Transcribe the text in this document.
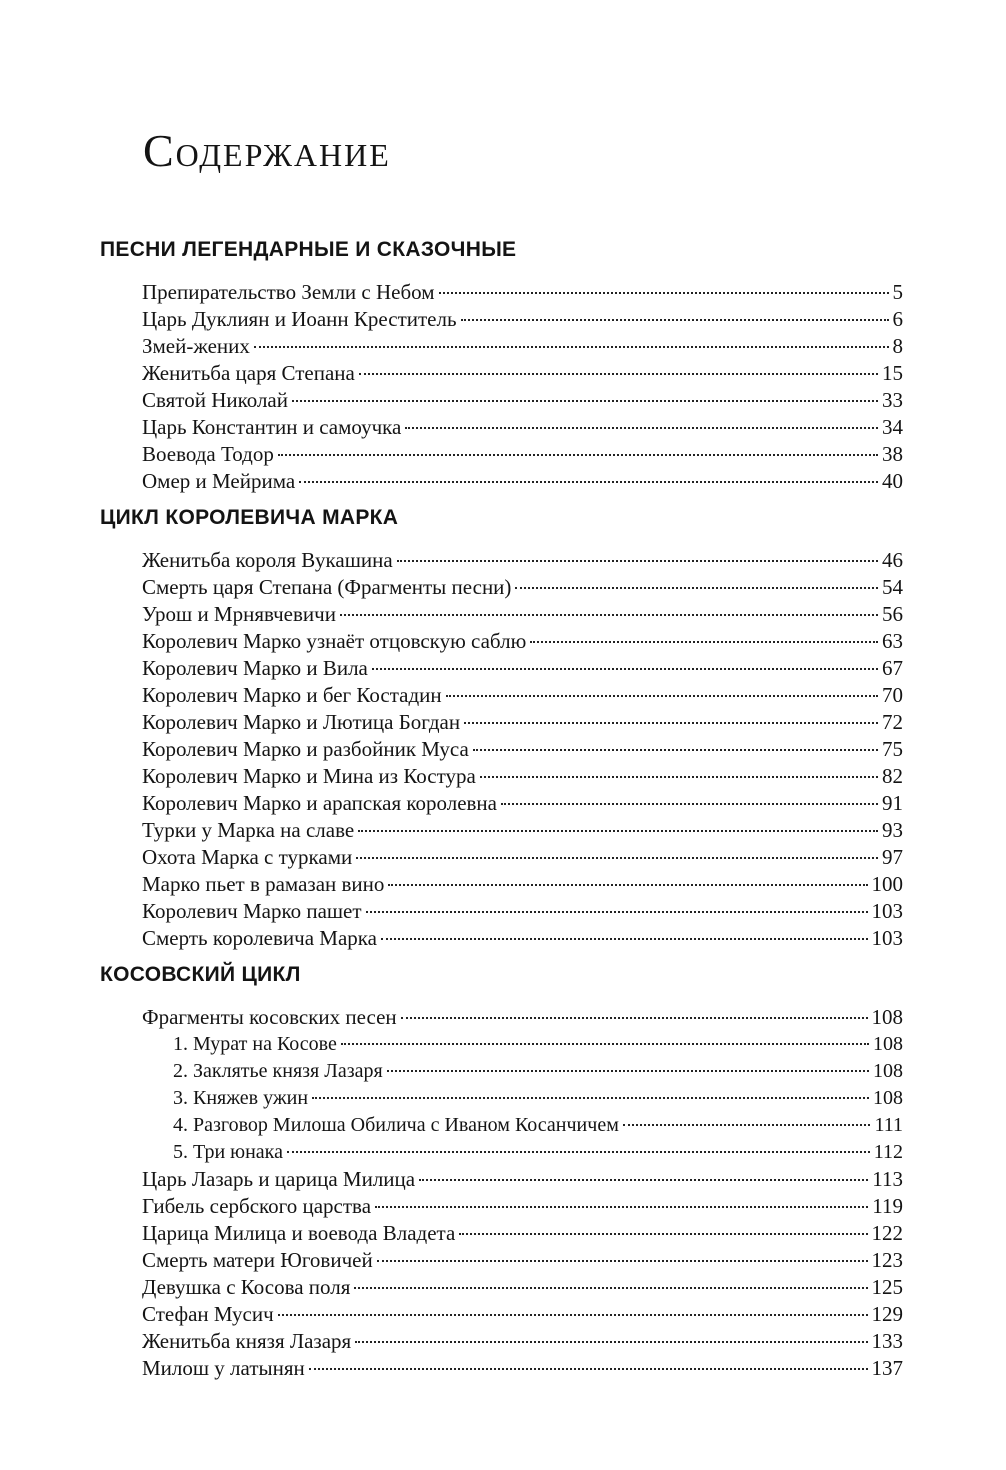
Содержание
ПЕСНИ ЛЕГЕНДАРНЫЕ И СКАЗОЧНЫЕ
Препирательство Земли с Небом	5
Царь Дуклиян и Иоанн Креститель	6
Змей-жених	8
Женитьба царя Степана	15
Святой Николай	33
Царь Константин и самоучка	34
Воевода Тодор	38
Омер и Мейрима	40
ЦИКЛ КОРОЛЕВИЧА МАРКА
Женитьба короля Вукашина	46
Смерть царя Степана (Фрагменты песни)	54
Урош и Мрнявчевичи	56
Королевич Марко узнаёт отцовскую саблю	63
Королевич Марко и Вила	67
Королевич Марко и бег Костадин	70
Королевич Марко и Лютица Богдан	72
Королевич Марко и разбойник Муса	75
Королевич Марко и Мина из Костура	82
Королевич Марко и арапская королевна	91
Турки у Марка на славе	93
Охота Марка с турками	97
Марко пьет в рамазан вино	100
Королевич Марко пашет	103
Смерть королевича Марка	103
КОСОВСКИЙ ЦИКЛ
Фрагменты косовских песен	108
1. Мурат на Косове	108
2. Заклятье князя Лазаря	108
3. Княжев ужин	108
4. Разговор Милоша Обилича с Иваном Косанчичем	111
5. Три юнака	112
Царь Лазарь и царица Милица	113
Гибель сербского царства	119
Царица Милица и воевода Владета	122
Смерть матери Юговичей	123
Девушка с Косова поля	125
Стефан Мусич	129
Женитьба князя Лазаря	133
Милош у латынян	137
